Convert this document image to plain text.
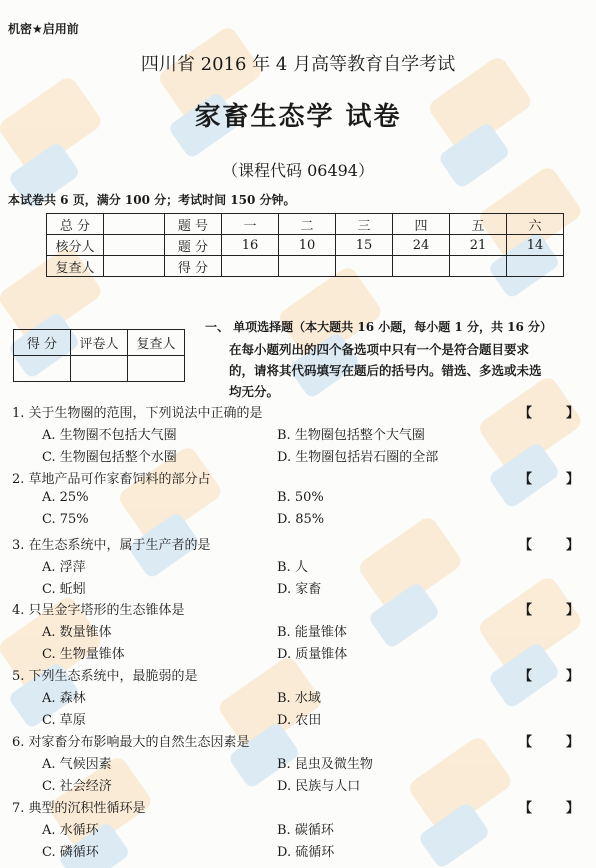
机密★启用前
四川省 2016 年 4 月高等教育自学考试
家畜生态学 试卷
（课程代码 06494）
本试卷共 6 页，满分 100 分；考试时间 150 分钟。
总 分		题 号	一	二	三	四	五	六
核分人		题 分	16	10	15	24	21	14
复查人		得 分						
得 分	评卷人	复查人

一、 单项选择题（本大题共 16 小题，每小题 1 分，共 16 分）
在每小题列出的四个备选项中只有一个是符合题目要求
的，请将其代码填写在题后的括号内。错选、多选或未选
均无分。
1. 关于生物圈的范围，下列说法中正确的是	【	】
A. 生物圈不包括大气圈	B. 生物圈包括整个大气圈
C. 生物圈包括整个水圈	D. 生物圈包括岩石圈的全部
2. 草地产品可作家畜饲料的部分占	【	】
A. 25%	B. 50%
C. 75%	D. 85%
3. 在生态系统中，属于生产者的是	【	】
A. 浮萍	B. 人
C. 蚯蚓	D. 家畜
4. 只呈金字塔形的生态锥体是	【	】
A. 数量锥体	B. 能量锥体
C. 生物量锥体	D. 质量锥体
5. 下列生态系统中，最脆弱的是	【	】
A. 森林	B. 水域
C. 草原	D. 农田
6. 对家畜分布影响最大的自然生态因素是	【	】
A. 气候因素	B. 昆虫及微生物
C. 社会经济	D. 民族与人口
7. 典型的沉积性循环是	【	】
A. 水循环	B. 碳循环
C. 磷循环	D. 硫循环
